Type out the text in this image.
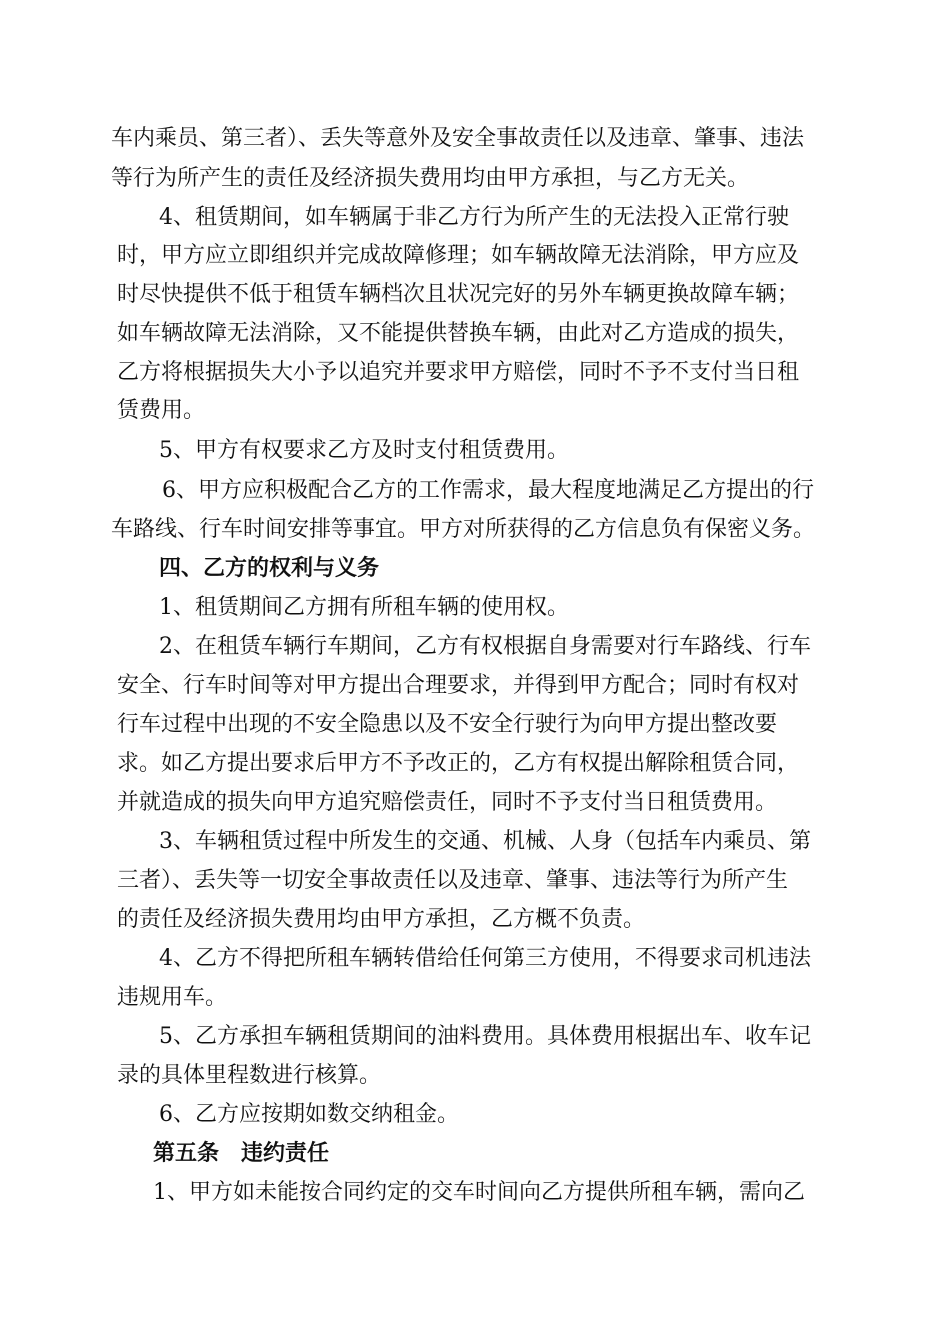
车内乘员、第三者）、丢失等意外及安全事故责任以及违章、肇事、违法

等行为所产生的责任及经济损失费用均由甲方承担，与乙方无关。

4、租赁期间，如车辆属于非乙方行为所产生的无法投入正常行驶

时，甲方应立即组织并完成故障修理；如车辆故障无法消除，甲方应及

时尽快提供不低于租赁车辆档次且状况完好的另外车辆更换故障车辆；

如车辆故障无法消除，又不能提供替换车辆，由此对乙方造成的损失，

乙方将根据损失大小予以追究并要求甲方赔偿，同时不予不支付当日租

赁费用。

5、甲方有权要求乙方及时支付租赁费用。

6、甲方应积极配合乙方的工作需求，最大程度地满足乙方提出的行

车路线、行车时间安排等事宜。甲方对所获得的乙方信息负有保密义务。

四、乙方的权利与义务

1、租赁期间乙方拥有所租车辆的使用权。

2、在租赁车辆行车期间，乙方有权根据自身需要对行车路线、行车

安全、行车时间等对甲方提出合理要求，并得到甲方配合；同时有权对

行车过程中出现的不安全隐患以及不安全行驶行为向甲方提出整改要

求。如乙方提出要求后甲方不予改正的，乙方有权提出解除租赁合同，

并就造成的损失向甲方追究赔偿责任，同时不予支付当日租赁费用。

3、车辆租赁过程中所发生的交通、机械、人身（包括车内乘员、第

三者）、丢失等一切安全事故责任以及违章、肇事、违法等行为所产生

的责任及经济损失费用均由甲方承担，乙方概不负责。

4、乙方不得把所租车辆转借给任何第三方使用，不得要求司机违法

违规用车。

5、乙方承担车辆租赁期间的油料费用。具体费用根据出车、收车记

录的具体里程数进行核算。

6、乙方应按期如数交纳租金。

第五条　违约责任

1、甲方如未能按合同约定的交车时间向乙方提供所租车辆，需向乙
